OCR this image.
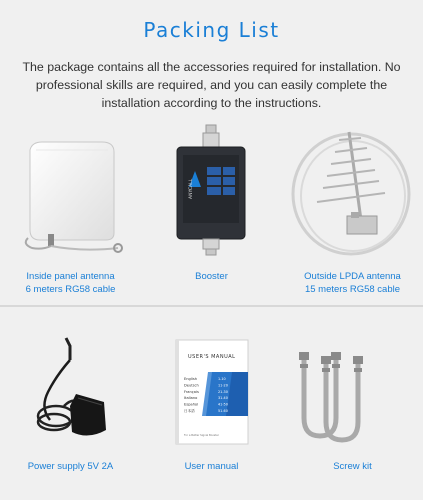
Packing List
The package contains all the accessories required for installation. No professional skills are required, and you can easily complete the installation according to the instructions.
Inside panel antenna
6 meters RG58 cable
ANYCALL
Booster	Outside LPDA antenna
15 meters RG58 cable
Power supply 5V 2A
USER'S MANUAL
English	1-10
Deutsch	11-20
Français	21-30
Italiano	31-40
Español	41-50
日本語	51-60
For a Better Signal Booster
User manual	Screw kit
